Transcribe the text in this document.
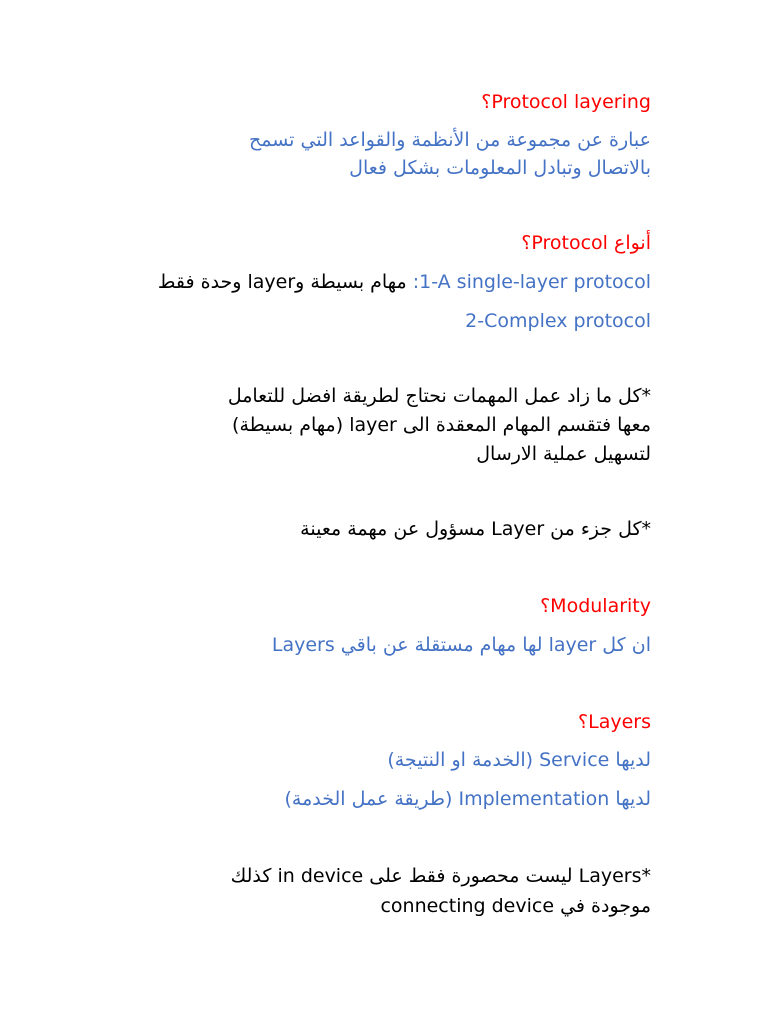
Protocol layering؟
عبارة عن مجموعة من الأنظمة والقواعد التي تسمح
بالاتصال وتبادل المعلومات بشكل فعال
أنواع Protocol؟
1-A single-layer protocol: مهام بسيطة وlayer وحدة فقط
2-Complex protocol
*كل ما زاد عمل المهمات نحتاج لطريقة افضل للتعامل
معها فتقسم المهام المعقدة الى layer (مهام بسيطة)
لتسهيل عملية الارسال
*كل جزء من Layer مسؤول عن مهمة معينة
Modularity؟
ان كل layer لها مهام مستقلة عن باقي Layers
Layers؟
لديها Service (الخدمة او النتيجة)
لديها Implementation (طريقة عمل الخدمة)
*Layers ليست محصورة فقط على in device كذلك
موجودة في connecting device
